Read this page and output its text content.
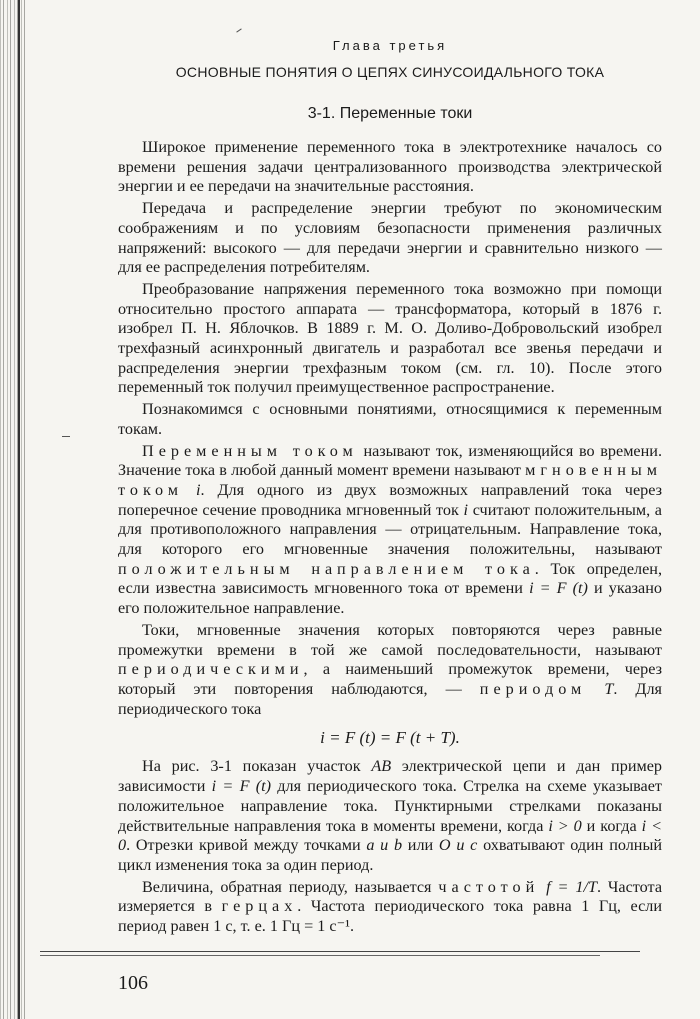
Глава третья
ОСНОВНЫЕ ПОНЯТИЯ О ЦЕПЯХ СИНУСОИДАЛЬНОГО ТОКА
3-1. Переменные токи

Широкое применение переменного тока в электротехнике началось со времени решения задачи централизованного производства электрической энергии и ее передачи на значительные расстояния.

Передача и распределение энергии требуют по экономическим соображениям и по условиям безопасности применения различных напряжений: высокого — для передачи энергии и сравнительно низкого — для ее распределения потребителям.

Преобразование напряжения переменного тока возможно при помощи относительно простого аппарата — трансформатора, который в 1876 г. изобрел П. Н. Яблочков. В 1889 г. М. О. Доливо-Добровольский изобрел трехфазный асинхронный двигатель и разработал все звенья передачи и распределения энергии трехфазным током (см. гл. 10). После этого переменный ток получил преимущественное распространение.

Познакомимся с основными понятиями, относящимися к переменным токам.

Переменным током называют ток, изменяющийся во времени. Значение тока в любой данный момент времени называют мгновенным током i. Для одного из двух возможных направлений тока через поперечное сечение проводника мгновенный ток i считают положительным, а для противоположного направления — отрицательным. Направление тока, для которого его мгновенные значения положительны, называют положительным направлением тока. Ток определен, если известна зависимость мгновенного тока от времени i = F (t) и указано его положительное направление.

Токи, мгновенные значения которых повторяются через равные промежутки времени в той же самой последовательности, называют периодическими, а наименьший промежуток времени, через который эти повторения наблюдаются, — периодом T. Для периодического тока

i = F (t) = F (t + T).

На рис. 3-1 показан участок AB электрической цепи и дан пример зависимости i = F (t) для периодического тока. Стрелка на схеме указывает положительное направление тока. Пунктирными стрелками показаны действительные направления тока в моменты времени, когда i > 0 и когда i < 0. Отрезки кривой между точками a и b или O и c охватывают один полный цикл изменения тока за один период.

Величина, обратная периоду, называется частотой f = 1/T. Частота измеряется в герцах. Частота периодического тока равна 1 Гц, если период равен 1 с, т. е. 1 Гц = 1 с⁻¹.

106
